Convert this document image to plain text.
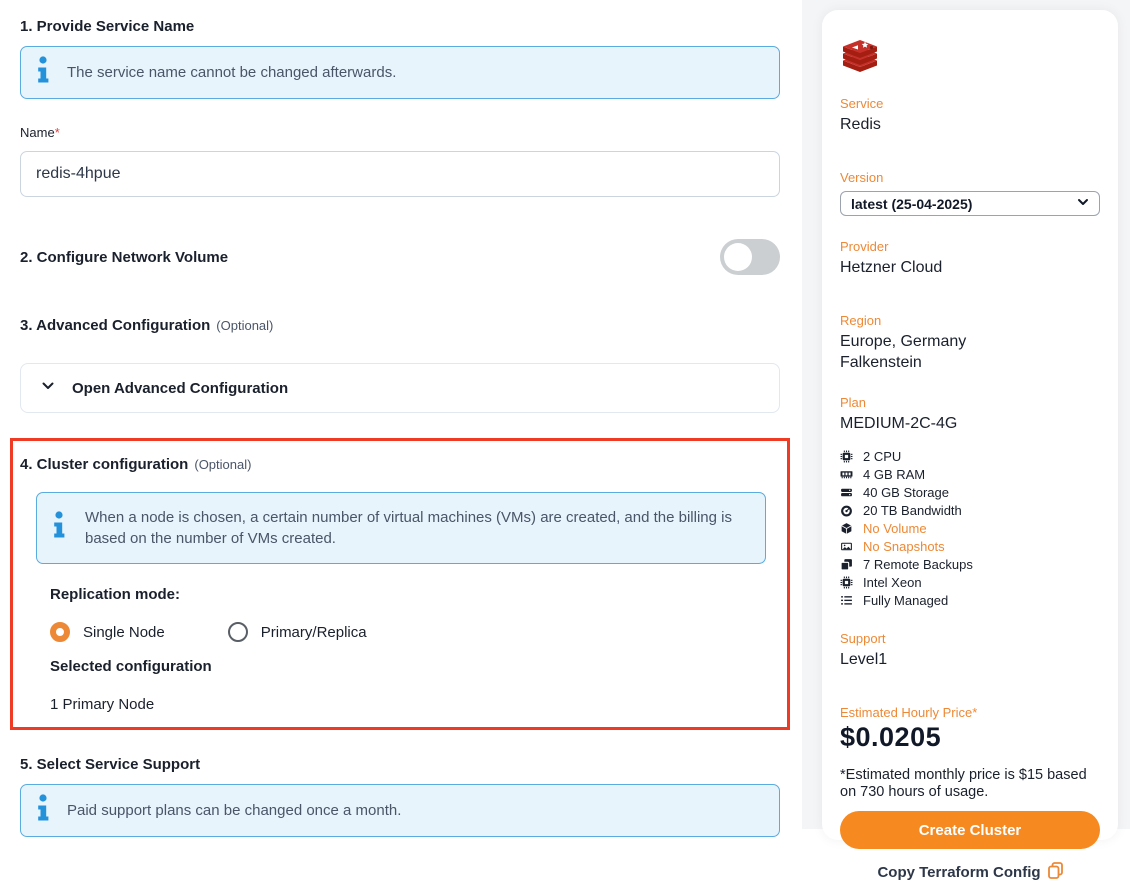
1. Provide Service Name
The service name cannot be changed afterwards.
Name*
redis-4hpue
2. Configure Network Volume
3. Advanced Configuration (Optional)
Open Advanced Configuration
4. Cluster configuration (Optional)
When a node is chosen, a certain number of virtual machines (VMs) are created, and the billing is based on the number of VMs created.
Replication mode:
Single Node	Primary/Replica
Selected configuration
1 Primary Node
5. Select Service Support
Paid support plans can be changed once a month.
Service
Redis
Version
latest (25-04-2025)
Provider
Hetzner Cloud
Region
Europe, Germany
Falkenstein
Plan
MEDIUM-2C-4G
2 CPU
4 GB RAM
40 GB Storage
20 TB Bandwidth
No Volume
No Snapshots
7 Remote Backups
Intel Xeon
Fully Managed
Support
Level1
Estimated Hourly Price*
$0.0205
*Estimated monthly price is $15 based on 730 hours of usage.
Create Cluster
Copy Terraform Config
